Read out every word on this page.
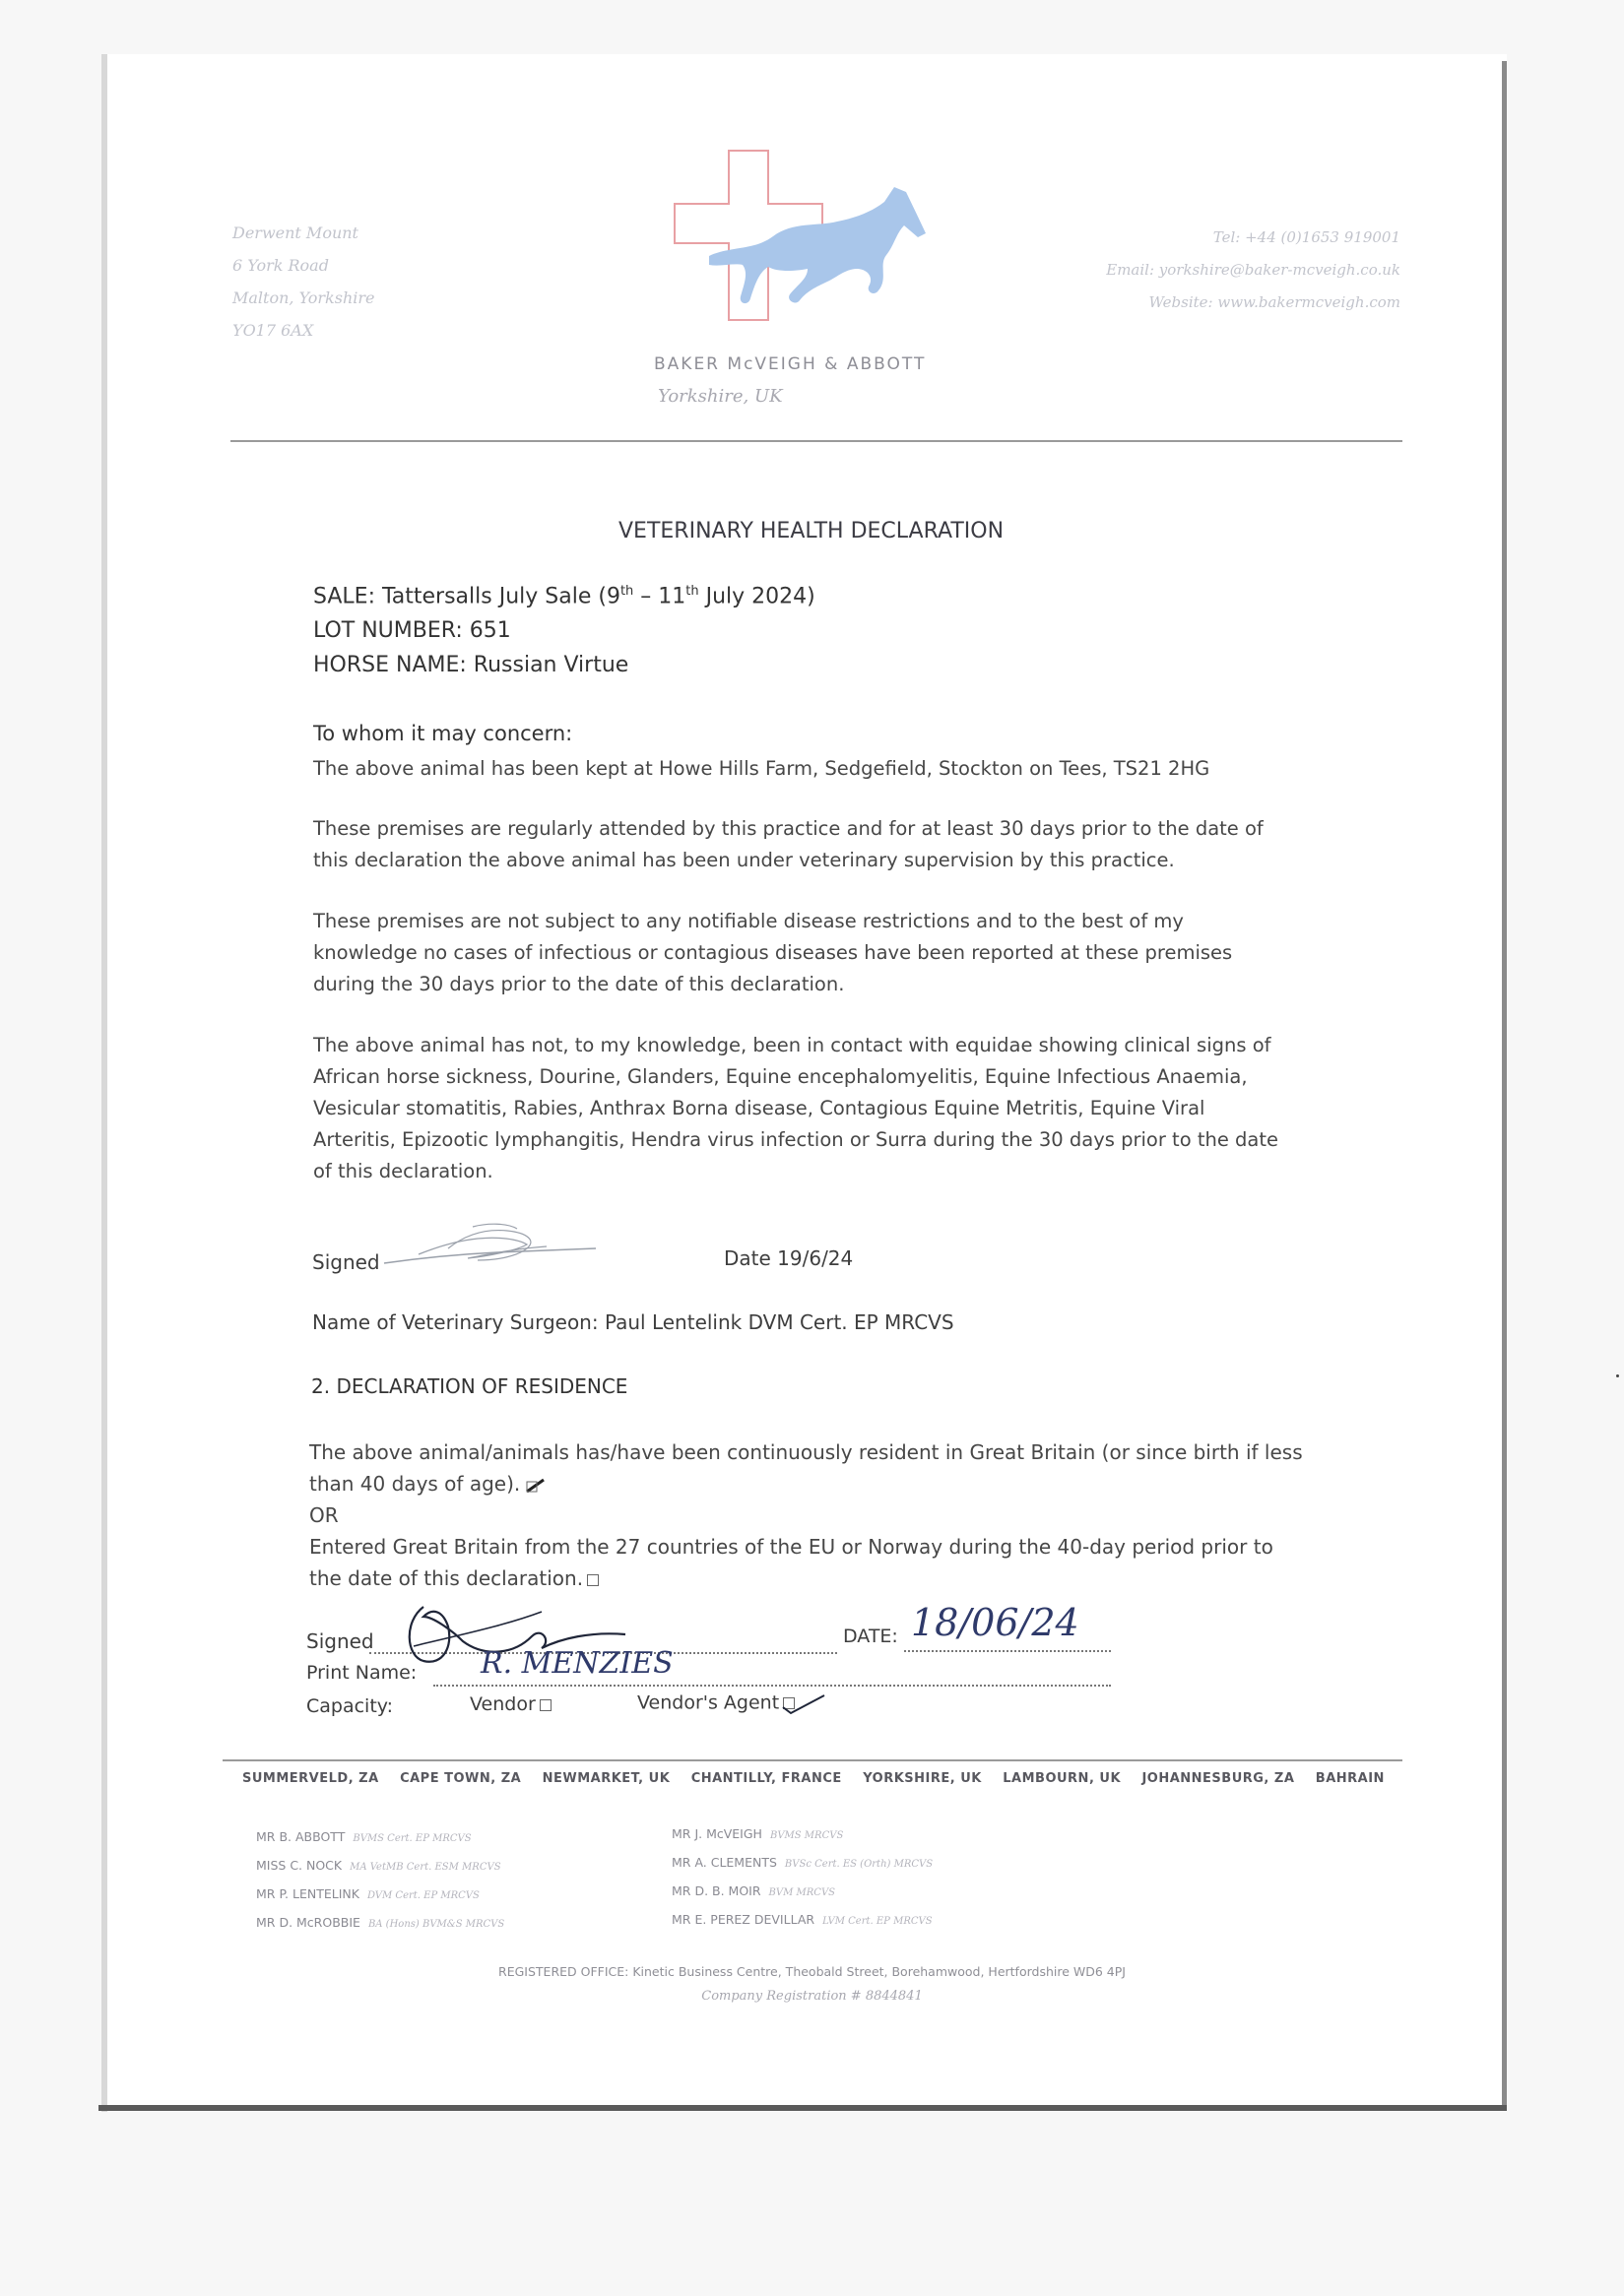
Derwent Mount
6 York Road
Malton, Yorkshire
YO17 6AX
BAKER McVEIGH & ABBOTT
Yorkshire, UK
Tel: +44 (0)1653 919001
Email: yorkshire@baker-mcveigh.co.uk
Website: www.bakermcveigh.com
VETERINARY HEALTH DECLARATION
SALE: Tattersalls July Sale (9th – 11th July 2024)
LOT NUMBER: 651
HORSE NAME: Russian Virtue
To whom it may concern:
The above animal has been kept at Howe Hills Farm, Sedgefield, Stockton on Tees, TS21 2HG
These premises are regularly attended by this practice and for at least 30 days prior to the date of
this declaration the above animal has been under veterinary supervision by this practice.
These premises are not subject to any notifiable disease restrictions and to the best of my
knowledge no cases of infectious or contagious diseases have been reported at these premises
during the 30 days prior to the date of this declaration.
The above animal has not, to my knowledge, been in contact with equidae showing clinical signs of
African horse sickness, Dourine, Glanders, Equine encephalomyelitis, Equine Infectious Anaemia,
Vesicular stomatitis, Rabies, Anthrax Borna disease, Contagious Equine Metritis, Equine Viral
Arteritis, Epizootic lymphangitis, Hendra virus infection or Surra during the 30 days prior to the date
of this declaration.
Signed	Date 19/6/24
Name of Veterinary Surgeon: Paul Lentelink DVM Cert. EP MRCVS
2. DECLARATION OF RESIDENCE
The above animal/animals has/have been continuously resident in Great Britain (or since birth if less
than 40 days of age).
OR
Entered Great Britain from the 27 countries of the EU or Norway during the 40-day period prior to
the date of this declaration.
Signed	DATE: 18/06/24
Print Name: R. MENZIES
Capacity:	Vendor	Vendor's Agent
SUMMERVELD, ZA CAPE TOWN, ZA NEWMARKET, UK CHANTILLY, FRANCE YORKSHIRE, UK LAMBOURN, UK JOHANNESBURG, ZA BAHRAIN
MR B. ABBOTT BVMS Cert. EP MRCVS
MISS C. NOCK MA VetMB Cert. ESM MRCVS
MR P. LENTELINK DVM Cert. EP MRCVS
MR D. McROBBIE BA (Hons) BVM&S MRCVS
MR J. McVEIGH BVMS MRCVS
MR A. CLEMENTS BVSc Cert. ES (Orth) MRCVS
MR D. B. MOIR BVM MRCVS
MR E. PEREZ DEVILLAR LVM Cert. EP MRCVS
REGISTERED OFFICE: Kinetic Business Centre, Theobald Street, Borehamwood, Hertfordshire WD6 4PJ
Company Registration # 8844841
